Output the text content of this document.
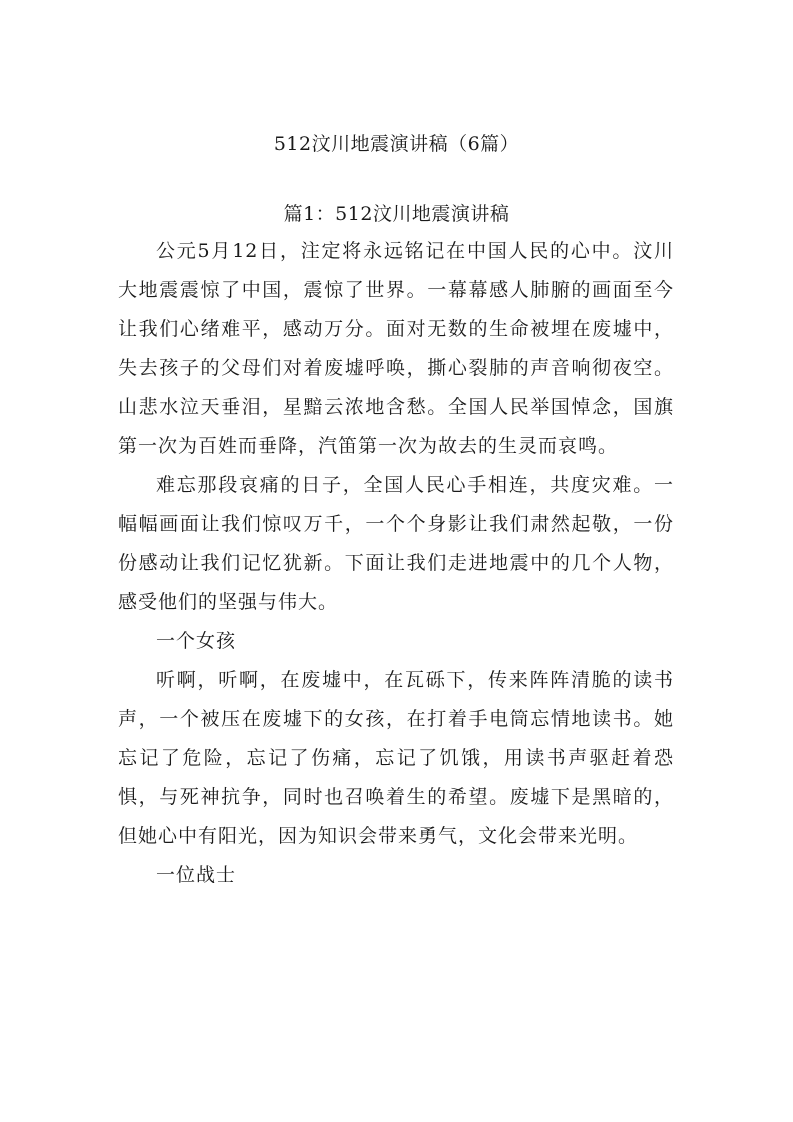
512汶川地震演讲稿（6篇）
篇1：512汶川地震演讲稿

公元5月12日，注定将永远铭记在中国人民的心中。汶川大地震震惊了中国，震惊了世界。一幕幕感人肺腑的画面至今让我们心绪难平，感动万分。面对无数的生命被埋在废墟中，失去孩子的父母们对着废墟呼唤，撕心裂肺的声音响彻夜空。山悲水泣天垂泪，星黯云浓地含愁。全国人民举国悼念，国旗第一次为百姓而垂降，汽笛第一次为故去的生灵而哀鸣。

难忘那段哀痛的日子，全国人民心手相连，共度灾难。一幅幅画面让我们惊叹万千，一个个身影让我们肃然起敬，一份份感动让我们记忆犹新。下面让我们走进地震中的几个人物，感受他们的坚强与伟大。

一个女孩

听啊，听啊，在废墟中，在瓦砾下，传来阵阵清脆的读书声，一个被压在废墟下的女孩，在打着手电筒忘情地读书。她忘记了危险，忘记了伤痛，忘记了饥饿，用读书声驱赶着恐惧，与死神抗争，同时也召唤着生的希望。废墟下是黑暗的，但她心中有阳光，因为知识会带来勇气，文化会带来光明。

一位战士
